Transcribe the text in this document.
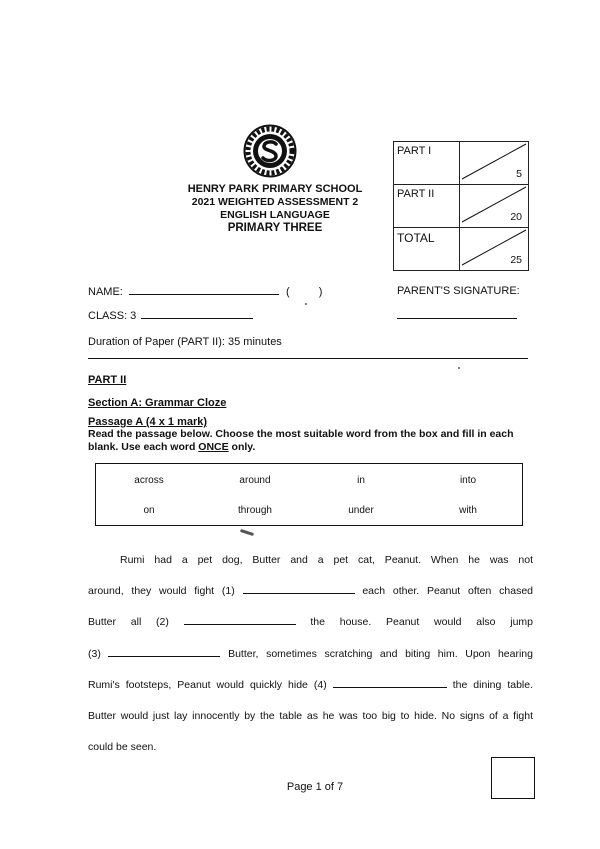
HENRY PARK PRIMARY SCHOOL
2021 WEIGHTED ASSESSMENT 2
ENGLISH LANGUAGE
PRIMARY THREE
PART I	5

PART II	20

TOTAL	25
NAME:	(	)	PARENT'S SIGNATURE:
CLASS: 3
Duration of Paper (PART II): 35 minutes
PART II
Section A: Grammar Cloze
Passage A (4 x 1 mark)
Read the passage below. Choose the most suitable word from the box and fill in each blank. Use each word ONCE only.
across	around	in	into
on	through	under	with

Rumi had a pet dog, Butter and a pet cat, Peanut. When he was not

around, they would fight (1)	each other. Peanut often chased

Butter all (2)	the house. Peanut would also jump

(3)	Butter, sometimes scratching and biting him. Upon hearing

Rumi's footsteps, Peanut would quickly hide (4)	the dining table.

Butter would just lay innocently by the table as he was too big to hide. No signs of a fight

could be seen.

Page 1 of 7
